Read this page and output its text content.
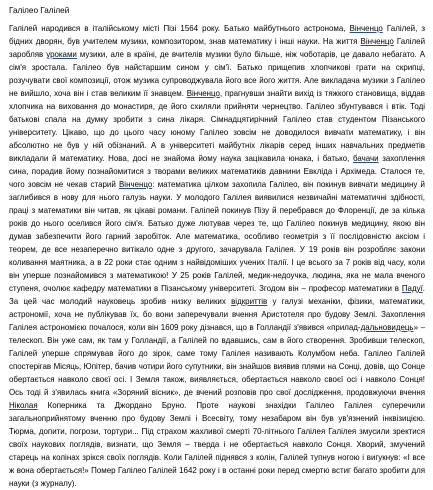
Галілео Галілей

Галілей народився в італійському місті Пізі 1564 року. Батько майбутнього астронома, Вінченцо Галілей, з бідних дворян, був учителем музики, композитором, знав математику і інші науки. На життя Вінченцо Галілей заробляв уроками музики, але в країні, де вчителів музики було більше, ніж чоботарів, це давало небагато. А сім'я зростала. Галілео був найстаршим сином у сім'ї. Батько прищепив хлопчикові грати на скрипці, розучувати свої композиції, отож музика супроводжувала його все його життя. Але викладача музики з Галілео не вийшло, хоча він і став великим її знавцем. Вінченцо, прагнувши знайти вихід із тяжкого становища, віддав хлопчика на виховання до монастиря, де його схиляли прийняти чернецтво. Галілео збунтувався і втік. Тоді батькові спала на думку зробити з сина лікаря. Сімнадцятирічний Галілео став студентом Пізанського університету. Цікаво, що до цього часу юному Галілео зовсім не доводилося вивчати математику, і він абсолютно не був у ній обізнаний. А в університеті майбутніх лікарів серед інших навчальних предметів викладали й математику. Нова, досі не знайома йому наука зацікавила юнака, і батько, бачачи захоплення сина, порадив йому познайомитися з творами великих математиків давнини Евкліда і Архімеда. Сталося те, чого зовсім не чекав старий Вінченцо: математика цілком захопила Галілео, він покинув вивчати медицину й заглибився в нову для нього галузь науки. У молодого Галілея виявилися незвичайні математичні здібності, праці з математики він читав, як цікаві романи. Галілей покинув Пізу й перебрався до Флоренції, де за кілька років до нього оселився його сім'я. Батько дуже лютував через те, що Галілео покинув медицину, якою він думав забезпечити його гарний заробіток. Але математика, особливо геометрія з її послідовністю аксіом і теорем, де все незаперечно витікало одне з другого, зачарувала Галілея. У 19 років він розробляє закони коливання маятника, а в 22 роки стає одним з найвідоміших учених Італії. І це всього за 7 років від часу, коли він уперше познайомився з математикою! У 25 років Галілей, медик-недоучка, людина, яка не мала вченого ступеня, очолює кафедру математики в Пізанському університеті. Згодом він – професор математики в Падуї. За цей час молодий науковець зробив низку великих відкриттів у галузі механіки, фізики, математики, астрономії, хоча не публікував їх, бо вони заперечували вчення Аристотеля про будову Землі. Захоплення Галілея астрономією почалося, коли він 1609 року дізнався, що в Голландії з'явився «прилад-дальновидець» – телескоп. Він уже сам, як там у Голландії, а Галілей по вдавшись, сам в його створення. Зробивши телескоп, Галілей уперше спрямував його до зірок, саме тому Галілея називають Колумбом неба. Галілео Галілей спостерігав Місяць, Юпітер, бачив чотири його супутники, він знайшов виявив плями на Сонці, довів, що Сонце обертається навколо своєї осі. І Земля також, виявляється, обертається навколо своєї осі і навколо Сонця! Ось тоді й з'явилась книга «Зоряний вісник», де вчений розповів про свої дослідження, продовжуючи вчення Ніколая Коперника та Джордано Бруно. Проте наукові знахідки Галілео Галілея суперечили загальноприйнятому вченню про будову Землі і Всесвіту, тому незабаром він був ув'язнений інквізицією. Тюрма, допити, погрози, тортури... Під страхом жахливої смерті 70-літнього Галілея Галілея змусили зректися своїх наукових поглядів, визнати, що Земля – тверда і не обертається навколо Сонця. Хворий, змучений старець на колінах зрікся своїх поглядів. Коли Галілей піднявся з колін, Галілей тупнув ногою і вигукнув: «І все ж вона обертається!» Помер Галілео Галілей 1642 року і в останні роки перед смертю встиг багато зробити для науки (з журналу).
